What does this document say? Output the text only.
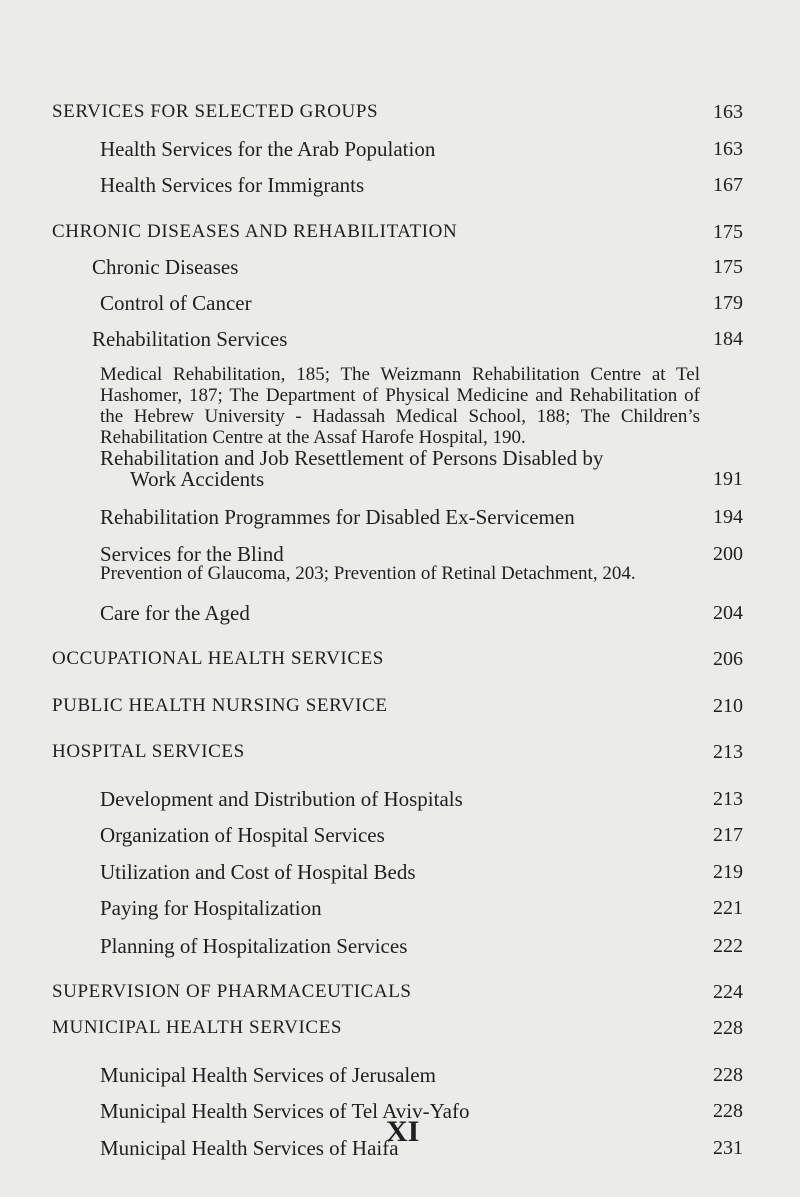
SERVICES FOR SELECTED GROUPS	163
Health Services for the Arab Population	163
Health Services for Immigrants	167
CHRONIC DISEASES AND REHABILITATION	175
Chronic Diseases	175
Control of Cancer	179
Rehabilitation Services	184
Medical Rehabilitation, 185; The Weizmann Rehabilitation Centre at Tel Hashomer, 187; The Department of Physical Medicine and Rehabilitation of the Hebrew University - Hadassah Medical School, 188; The Children’s Rehabilitation Centre at the Assaf Harofe Hospital, 190.
Rehabilitation and Job Resettlement of Persons Disabled by
Work Accidents	191
Rehabilitation Programmes for Disabled Ex-Servicemen	194
Services for the Blind	200
Prevention of Glaucoma, 203; Prevention of Retinal Detachment, 204.
Care for the Aged	204
OCCUPATIONAL HEALTH SERVICES	206
PUBLIC HEALTH NURSING SERVICE	210
HOSPITAL SERVICES	213
Development and Distribution of Hospitals	213
Organization of Hospital Services	217
Utilization and Cost of Hospital Beds	219
Paying for Hospitalization	221
Planning of Hospitalization Services	222
SUPERVISION OF PHARMACEUTICALS	224
MUNICIPAL HEALTH SERVICES	228
Municipal Health Services of Jerusalem	228
Municipal Health Services of Tel Aviv-Yafo	228
Municipal Health Services of Haifa	231
XI
